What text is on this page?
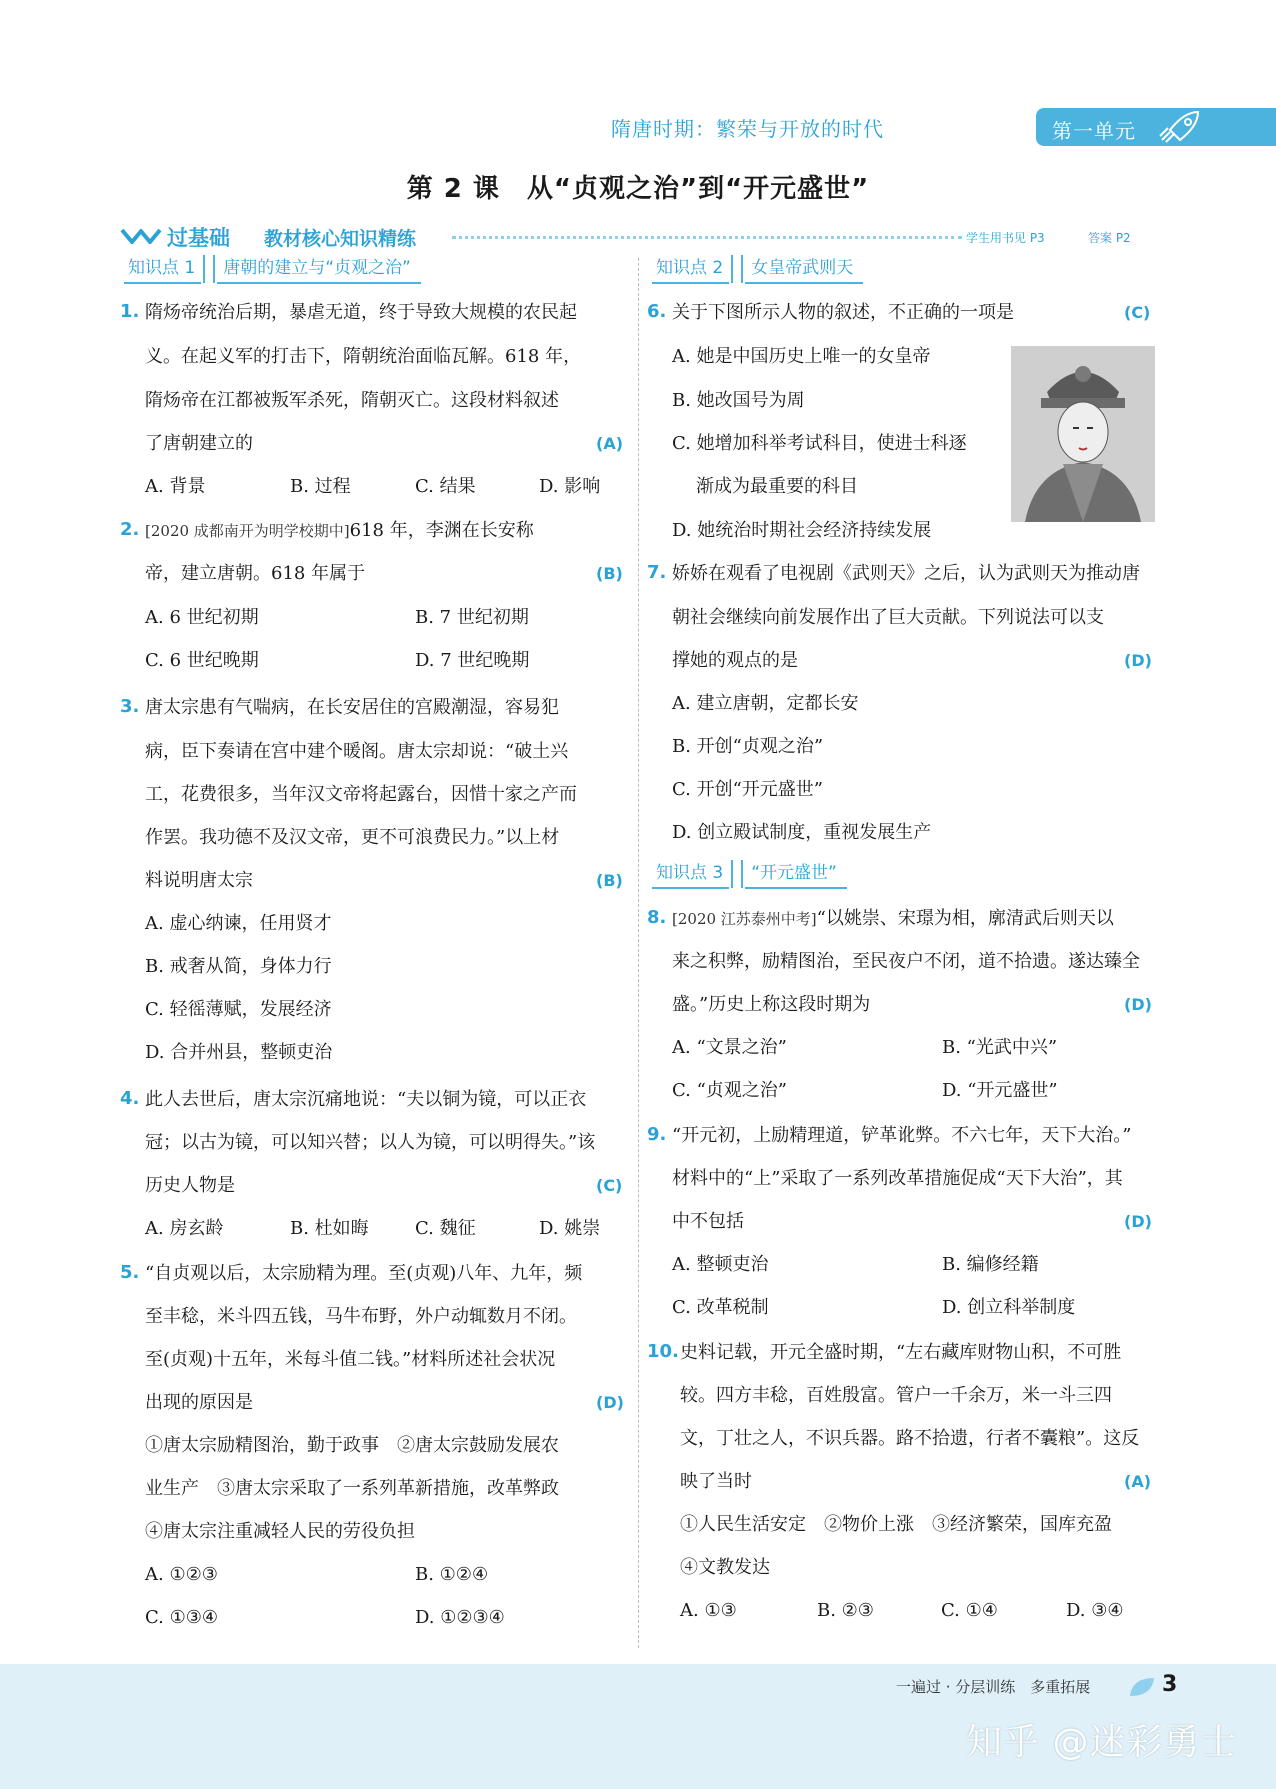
隋唐时期：繁荣与开放的时代	第一单元
第 2 课　从“贞观之治”到“开元盛世”
过基础 教材核心知识精练	学生用书见 P3	答案 P2
知识点 1	唐朝的建立与“贞观之治”
1. 隋炀帝统治后期，暴虐无道，终于导致大规模的农民起
义。在起义军的打击下，隋朝统治面临瓦解。618 年，
隋炀帝在江都被叛军杀死，隋朝灭亡。这段材料叙述
了唐朝建立的	(A)
A. 背景	B. 过程	C. 结果	D. 影响
2. [2020 成都南开为明学校期中]618 年，李渊在长安称
帝，建立唐朝。618 年属于	(B)
A. 6 世纪初期	B. 7 世纪初期
C. 6 世纪晚期	D. 7 世纪晚期
3. 唐太宗患有气喘病，在长安居住的宫殿潮湿，容易犯
病，臣下奏请在宫中建个暖阁。唐太宗却说：“破土兴
工，花费很多，当年汉文帝将起露台，因惜十家之产而
作罢。我功德不及汉文帝，更不可浪费民力。”以上材
料说明唐太宗	(B)
A. 虚心纳谏，任用贤才
B. 戒奢从简，身体力行
C. 轻徭薄赋，发展经济
D. 合并州县，整顿吏治
4. 此人去世后，唐太宗沉痛地说：“夫以铜为镜，可以正衣
冠；以古为镜，可以知兴替；以人为镜，可以明得失。”该
历史人物是	(C)
A. 房玄龄	B. 杜如晦	C. 魏征	D. 姚崇
5. “自贞观以后，太宗励精为理。至(贞观)八年、九年，频
至丰稔，米斗四五钱，马牛布野，外户动辄数月不闭。
至(贞观)十五年，米每斗值二钱。”材料所述社会状况
出现的原因是	(D)
①唐太宗励精图治，勤于政事　②唐太宗鼓励发展农
业生产　③唐太宗采取了一系列革新措施，改革弊政
④唐太宗注重减轻人民的劳役负担
A. ①②③	B. ①②④
C. ①③④	D. ①②③④
知识点 2	女皇帝武则天
6. 关于下图所示人物的叙述，不正确的一项是	(C)
A. 她是中国历史上唯一的女皇帝
B. 她改国号为周
C. 她增加科举考试科目，使进士科逐
渐成为最重要的科目
D. 她统治时期社会经济持续发展
7. 娇娇在观看了电视剧《武则天》之后，认为武则天为推动唐
朝社会继续向前发展作出了巨大贡献。下列说法可以支
撑她的观点的是	(D)
A. 建立唐朝，定都长安
B. 开创“贞观之治”
C. 开创“开元盛世”
D. 创立殿试制度，重视发展生产
知识点 3	“开元盛世”
8. [2020 江苏泰州中考]“以姚崇、宋璟为相，廓清武后则天以
来之积弊，励精图治，至民夜户不闭，道不拾遗。遂达臻全
盛。”历史上称这段时期为	(D)
A. “文景之治”	B. “光武中兴”
C. “贞观之治”	D. “开元盛世”
9. “开元初，上励精理道，铲革讹弊。不六七年，天下大治。”
材料中的“上”采取了一系列改革措施促成“天下大治”，其
中不包括	(D)
A. 整顿吏治	B. 编修经籍
C. 改革税制	D. 创立科举制度
10. 史料记载，开元全盛时期，“左右藏库财物山积，不可胜
较。四方丰稔，百姓殷富。管户一千余万，米一斗三四
文，丁壮之人，不识兵器。路不拾遗，行者不囊粮”。这反
映了当时	(A)
①人民生活安定　②物价上涨　③经济繁荣，国库充盈
④文教发达
A. ①③	B. ②③	C. ①④	D. ③④
一遍过 · 分层训练　多重拓展	3
知乎 @迷彩勇士
